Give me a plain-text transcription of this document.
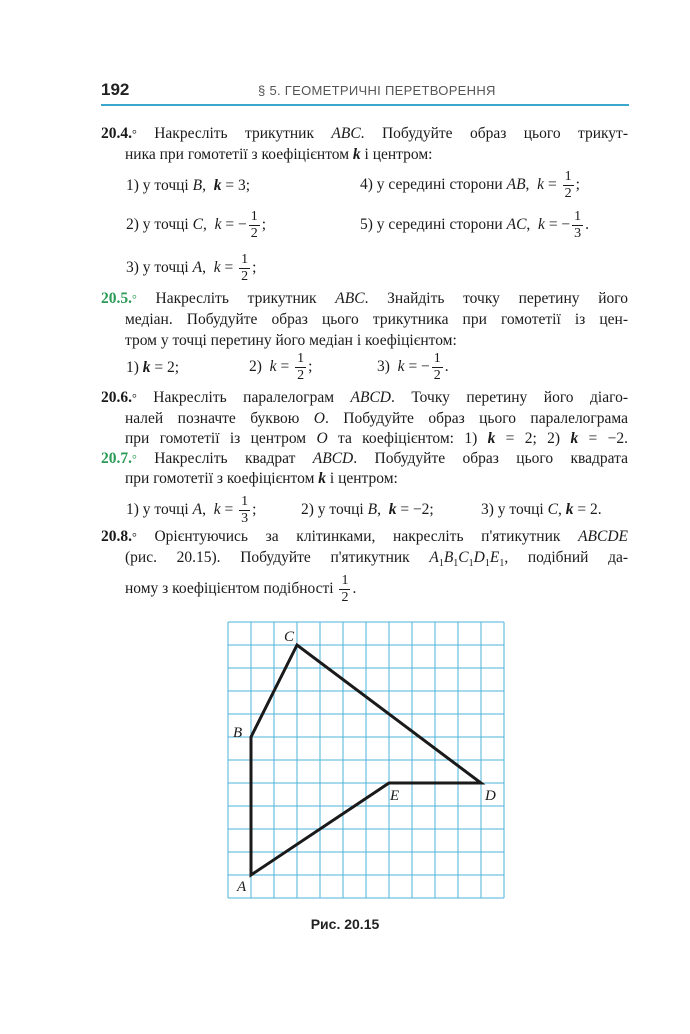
192	§ 5. ГЕОМЕТРИЧНІ ПЕРЕТВОРЕННЯ
20.4.° Накресліть трикутник ABC. Побудуйте образ цього трикут-
ника при гомотетії з коефіцієнтом k і центром:
1) у точці B,  k = 3;	4) у середині сторони AB,  $k = \frac{1}{2}$ ;
2) у точці C,  k = − $\frac{1}{2}$ ;	5) у середині сторони AC,  k = − $\frac{1}{3}$ .
3) у точці A,  $k = \frac{1}{2}$ ;
20.5.° Накресліть трикутник ABC. Знайдіть точку перетину його
медіан. Побудуйте образ цього трикутника при гомотетії із цен-
тром у точці перетину його медіан і коефіцієнтом:
1) k = 2;	2)  $k = \frac{1}{2}$ ;	3)  k = − $\frac{1}{2}$ .
20.6.° Накресліть паралелограм ABCD. Точку перетину його діаго-
налей позначте буквою O. Побудуйте образ цього паралелограма
при гомотетії із центром O та коефіцієнтом: 1) k = 2; 2) k = −2.
20.7.° Накресліть квадрат ABCD. Побудуйте образ цього квадрата
при гомотетії з коефіцієнтом k і центром:
1) у точці A,  $k = \frac{1}{3}$ ;	2) у точці B,  k = −2;	3) у точці C, k = 2.
20.8.° Орієнтуючись за клітинками, накресліть п'ятикутник ABCDE
(рис. 20.15). Побудуйте п'ятикутник $A_1B_1C_1D_1E_1$, подібний да-
ному з коефіцієнтом подібності $\frac{1}{2}$ .
C
B
A
E	D
Рис. 20.15
